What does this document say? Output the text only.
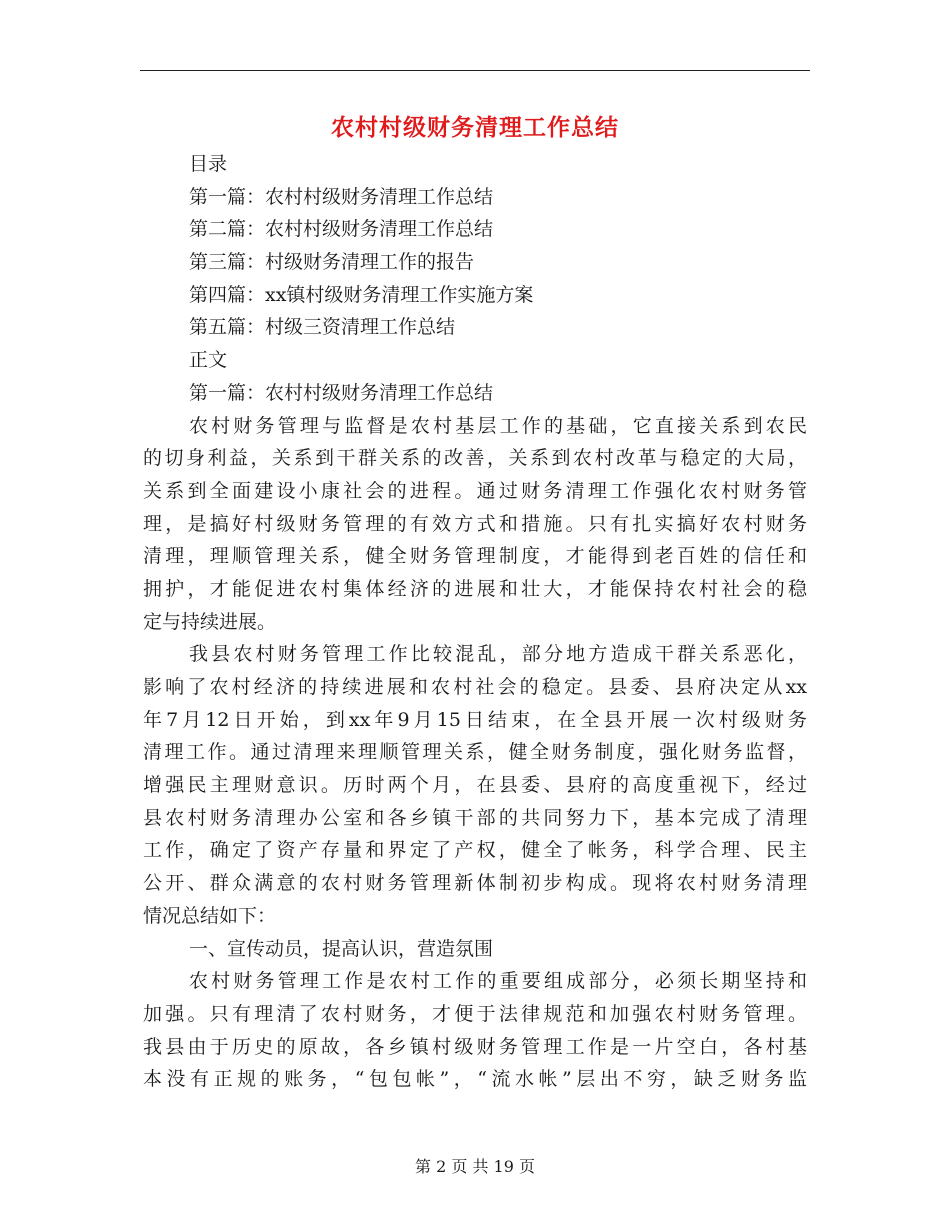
农村村级财务清理工作总结
目录
第一篇：农村村级财务清理工作总结
第二篇：农村村级财务清理工作总结
第三篇：村级财务清理工作的报告
第四篇：xx镇村级财务清理工作实施方案
第五篇：村级三资清理工作总结
正文
第一篇：农村村级财务清理工作总结
农村财务管理与监督是农村基层工作的基础，它直接关系到农民
的切身利益，关系到干群关系的改善，关系到农村改革与稳定的大局，
关系到全面建设小康社会的进程。通过财务清理工作强化农村财务管
理，是搞好村级财务管理的有效方式和措施。只有扎实搞好农村财务
清理，理顺管理关系，健全财务管理制度，才能得到老百姓的信任和
拥护，才能促进农村集体经济的进展和壮大，才能保持农村社会的稳
定与持续进展。
我县农村财务管理工作比较混乱，部分地方造成干群关系恶化，
影响了农村经济的持续进展和农村社会的稳定。县委、县府决定从xx
年7月12日开始，到xx年9月15日结束，在全县开展一次村级财务
清理工作。通过清理来理顺管理关系，健全财务制度，强化财务监督，
增强民主理财意识。历时两个月，在县委、县府的高度重视下，经过
县农村财务清理办公室和各乡镇干部的共同努力下，基本完成了清理
工作，确定了资产存量和界定了产权，健全了帐务，科学合理、民主
公开、群众满意的农村财务管理新体制初步构成。现将农村财务清理
情况总结如下：
一、宣传动员，提高认识，营造氛围
农村财务管理工作是农村工作的重要组成部分，必须长期坚持和
加强。只有理清了农村财务，才便于法律规范和加强农村财务管理。
我县由于历史的原故，各乡镇村级财务管理工作是一片空白，各村基
本没有正规的账务，“包包帐”，“流水帐”层出不穷，缺乏财务监
第 2 页 共 19 页
